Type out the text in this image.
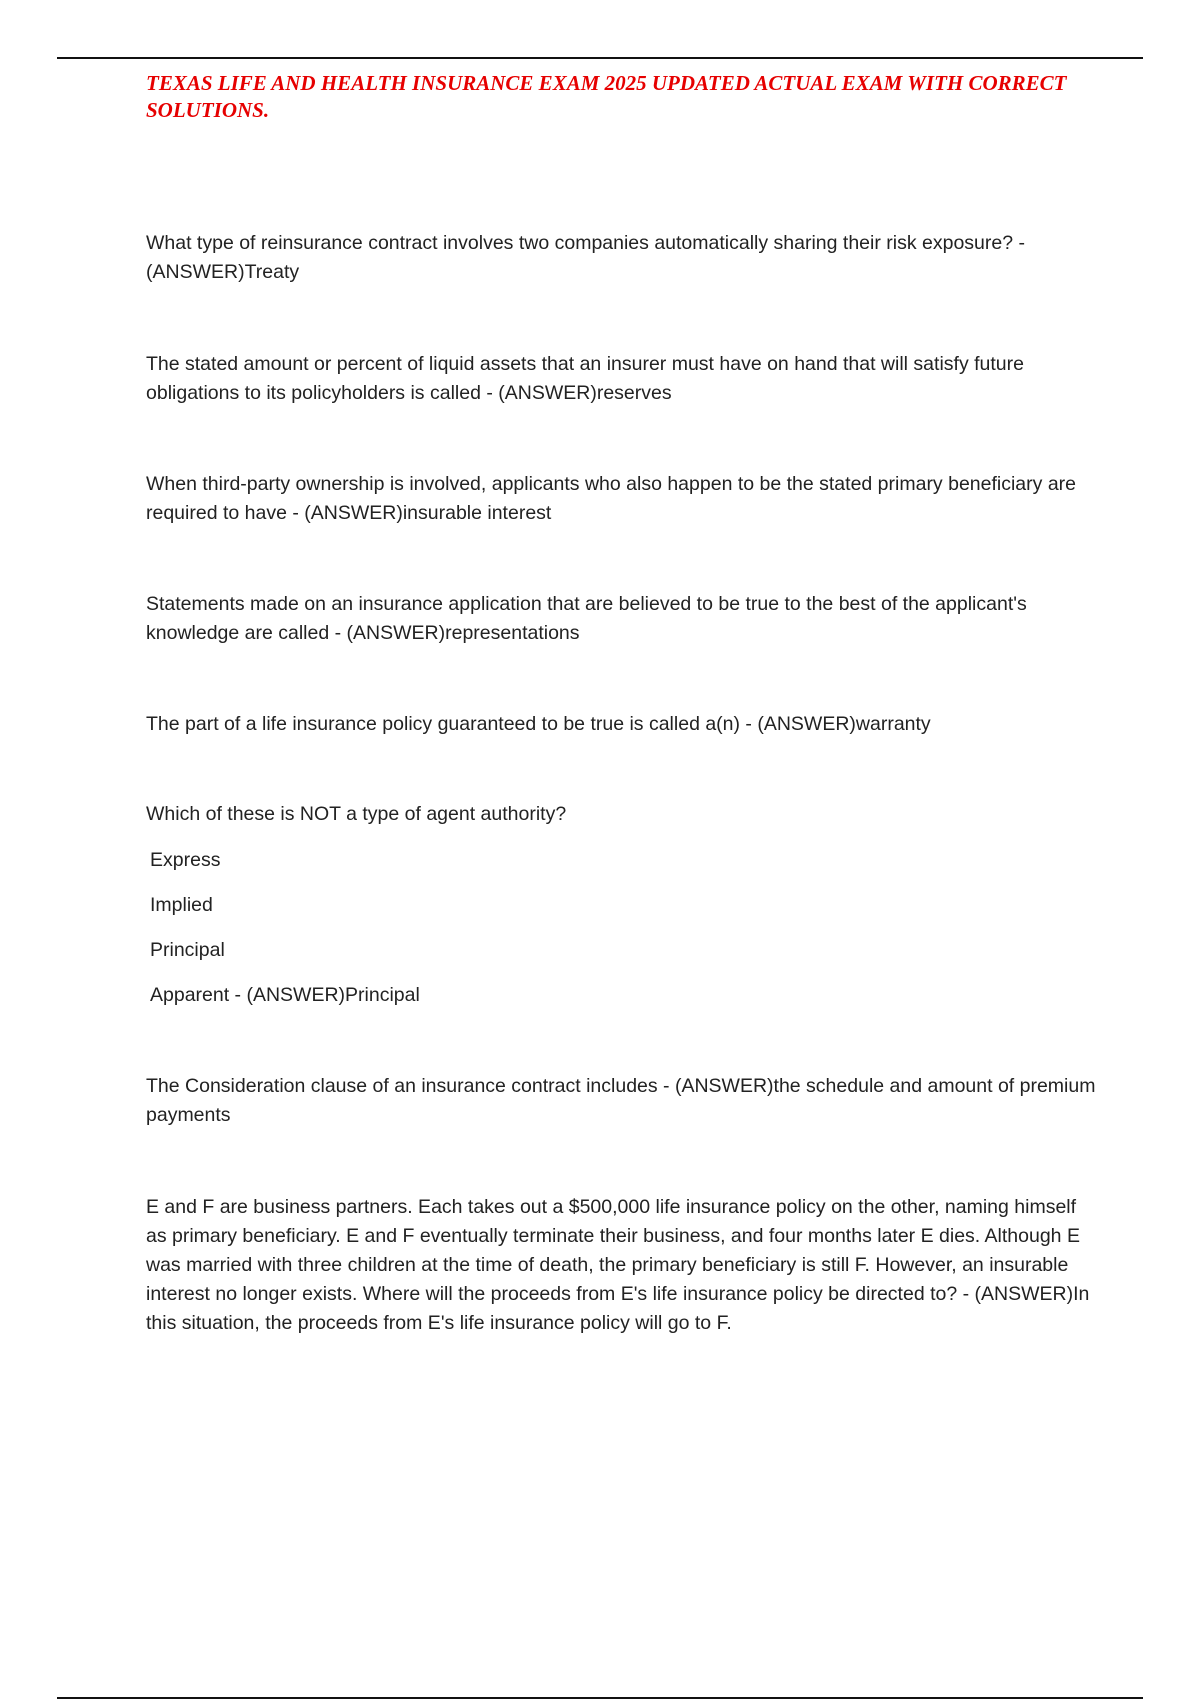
TEXAS LIFE AND HEALTH INSURANCE EXAM 2025 UPDATED ACTUAL EXAM WITH CORRECT SOLUTIONS.

What type of reinsurance contract involves two companies automatically sharing their risk exposure? - (ANSWER)Treaty

The stated amount or percent of liquid assets that an insurer must have on hand that will satisfy future obligations to its policyholders is called - (ANSWER)reserves

When third-party ownership is involved, applicants who also happen to be the stated primary beneficiary are required to have - (ANSWER)insurable interest

Statements made on an insurance application that are believed to be true to the best of the applicant's knowledge are called - (ANSWER)representations

The part of a life insurance policy guaranteed to be true is called a(n) - (ANSWER)warranty

Which of these is NOT a type of agent authority?

Express
Implied
Principal
Apparent - (ANSWER)Principal

The Consideration clause of an insurance contract includes - (ANSWER)the schedule and amount of premium payments

E and F are business partners. Each takes out a $500,000 life insurance policy on the other, naming himself as primary beneficiary. E and F eventually terminate their business, and four months later E dies. Although E was married with three children at the time of death, the primary beneficiary is still F. However, an insurable interest no longer exists. Where will the proceeds from E's life insurance policy be directed to? - (ANSWER)In this situation, the proceeds from E's life insurance policy will go to F.
